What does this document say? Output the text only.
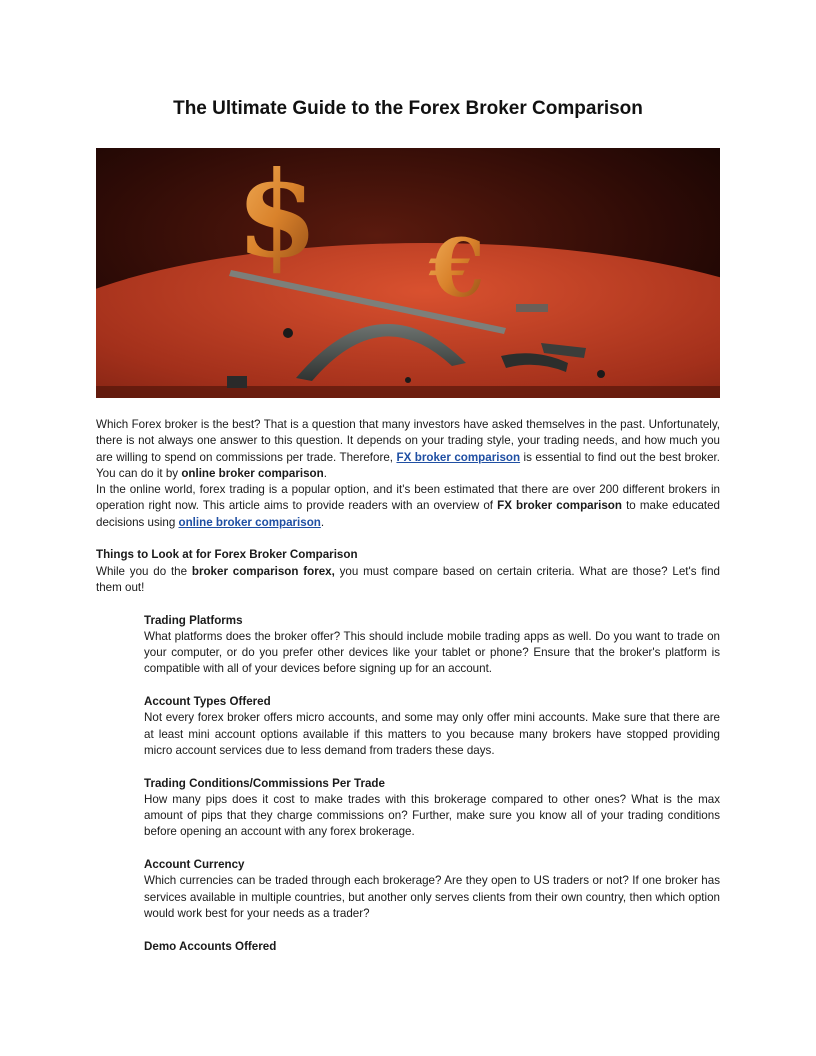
The Ultimate Guide to the Forex Broker Comparison
$ €

Which Forex broker is the best? That is a question that many investors have asked themselves in the past. Unfortunately, there is not always one answer to this question. It depends on your trading style, your trading needs, and how much you are willing to spend on commissions per trade. Therefore, FX broker comparison is essential to find out the best broker. You can do it by online broker comparison.

In the online world, forex trading is a popular option, and it's been estimated that there are over 200 different brokers in operation right now. This article aims to provide readers with an overview of FX broker comparison to make educated decisions using online broker comparison.

Things to Look at for Forex Broker Comparison

While you do the broker comparison forex, you must compare based on certain criteria. What are those? Let's find them out!

Trading Platforms

What platforms does the broker offer? This should include mobile trading apps as well. Do you want to trade on your computer, or do you prefer other devices like your tablet or phone? Ensure that the broker's platform is compatible with all of your devices before signing up for an account.

Account Types Offered

Not every forex broker offers micro accounts, and some may only offer mini accounts. Make sure that there are at least mini account options available if this matters to you because many brokers have stopped providing micro account services due to less demand from traders these days.

Trading Conditions/Commissions Per Trade

How many pips does it cost to make trades with this brokerage compared to other ones? What is the max amount of pips that they charge commissions on? Further, make sure you know all of your trading conditions before opening an account with any forex brokerage.

Account Currency

Which currencies can be traded through each brokerage? Are they open to US traders or not? If one broker has services available in multiple countries, but another only serves clients from their own country, then which option would work best for your needs as a trader?

Demo Accounts Offered
